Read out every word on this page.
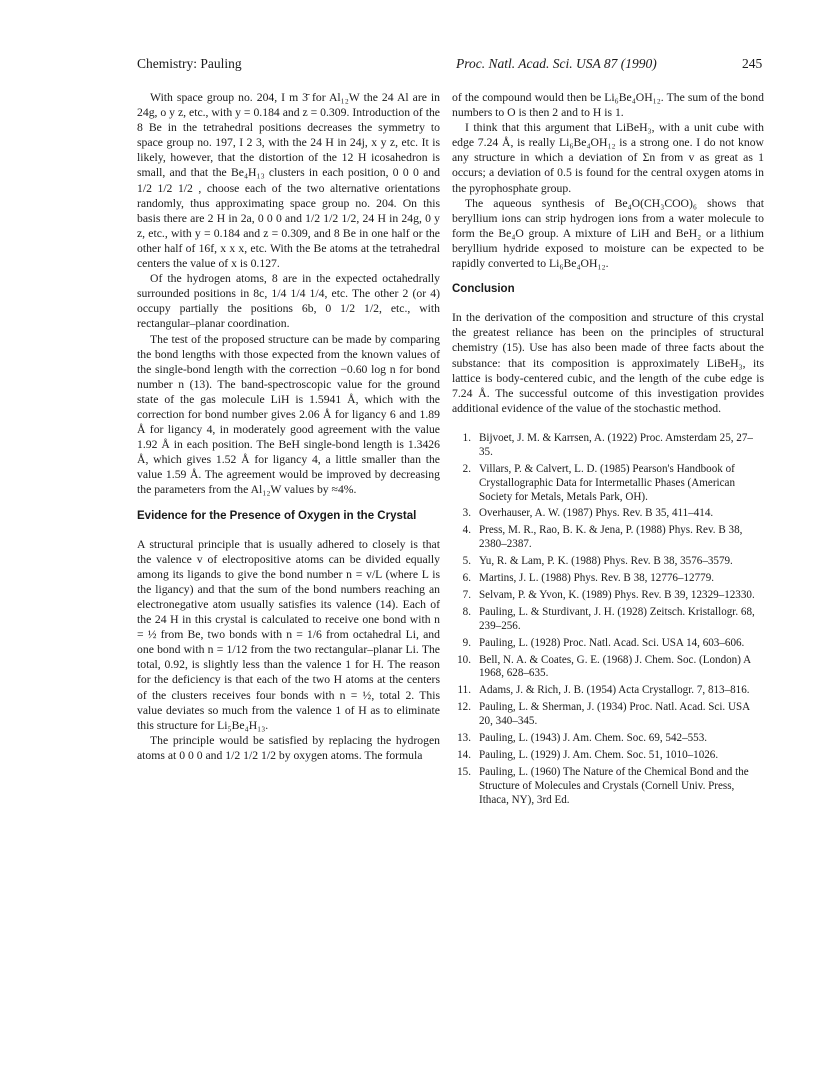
Chemistry: Pauling	Proc. Natl. Acad. Sci. USA 87 (1990)	245

With space group no. 204, I m 3̄ for Al₁₂W the 24 Al are in 24g, o y z, etc., with y = 0.184 and z = 0.309. Introduction of the 8 Be in the tetrahedral positions decreases the symmetry to space group no. 197, I 2 3, with the 24 H in 24j, x y z, etc. It is likely, however, that the distortion of the 12 H icosahedron is small, and that the Be₄H₁₃ clusters in each position, 0 0 0 and 1/2 1/2 1/2 , choose each of the two alternative orientations randomly, thus approximating space group no. 204. On this basis there are 2 H in 2a, 0 0 0 and 1/2 1/2 1/2, 24 H in 24g, 0 y z, etc., with y = 0.184 and z = 0.309, and 8 Be in one half or the other half of 16f, x x x, etc. With the Be atoms at the tetrahedral centers the value of x is 0.127.

Of the hydrogen atoms, 8 are in the expected octahedrally surrounded positions in 8c, 1/4 1/4 1/4, etc. The other 2 (or 4) occupy partially the positions 6b, 0 1/2 1/2, etc., with rectangular–planar coordination.

The test of the proposed structure can be made by comparing the bond lengths with those expected from the known values of the single-bond length with the correction −0.60 log n for bond number n (13). The band-spectroscopic value for the ground state of the gas molecule LiH is 1.5941 Å, which with the correction for bond number gives 2.06 Å for ligancy 6 and 1.89 Å for ligancy 4, in moderately good agreement with the value 1.92 Å in each position. The BeH single-bond length is 1.3426 Å, which gives 1.52 Å for ligancy 4, a little smaller than the value 1.59 Å. The agreement would be improved by decreasing the parameters from the Al₁₂W values by ≈4%.

Evidence for the Presence of Oxygen in the Crystal

A structural principle that is usually adhered to closely is that the valence v of electropositive atoms can be divided equally among its ligands to give the bond number n = v/L (where L is the ligancy) and that the sum of the bond numbers reaching an electronegative atom usually satisfies its valence (14). Each of the 24 H in this crystal is calculated to receive one bond with n = ½ from Be, two bonds with n = 1/6 from octahedral Li, and one bond with n = 1/12 from the two rectangular–planar Li. The total, 0.92, is slightly less than the valence 1 for H. The reason for the deficiency is that each of the two H atoms at the centers of the clusters receives four bonds with n = ½, total 2. This value deviates so much from the valence 1 of H as to eliminate this structure for Li₅Be₄H₁₃.

The principle would be satisfied by replacing the hydrogen atoms at 0 0 0 and 1/2 1/2 1/2 by oxygen atoms. The formula

of the compound would then be Li₆Be₄OH₁₂. The sum of the bond numbers to O is then 2 and to H is 1.

I think that this argument that LiBeH₃, with a unit cube with edge 7.24 Å, is really Li₆Be₄OH₁₂ is a strong one. I do not know any structure in which a deviation of Σn from v as great as 1 occurs; a deviation of 0.5 is found for the central oxygen atoms in the pyrophosphate group.

The aqueous synthesis of Be₄O(CH₃COO)₆ shows that beryllium ions can strip hydrogen ions from a water molecule to form the Be₄O group. A mixture of LiH and BeH₂ or a lithium beryllium hydride exposed to moisture can be expected to be rapidly converted to Li₆Be₄OH₁₂.

Conclusion

In the derivation of the composition and structure of this crystal the greatest reliance has been on the principles of structural chemistry (15). Use has also been made of three facts about the substance: that its composition is approximately LiBeH₃, its lattice is body-centered cubic, and the length of the cube edge is 7.24 Å. The successful outcome of this investigation provides additional evidence of the value of the stochastic method.

1. Bijvoet, J. M. & Karrsen, A. (1922) Proc. Amsterdam 25, 27–35.
2. Villars, P. & Calvert, L. D. (1985) Pearson's Handbook of Crystallographic Data for Intermetallic Phases (American Society for Metals, Metals Park, OH).
3. Overhauser, A. W. (1987) Phys. Rev. B 35, 411–414.
4. Press, M. R., Rao, B. K. & Jena, P. (1988) Phys. Rev. B 38, 2380–2387.
5. Yu, R. & Lam, P. K. (1988) Phys. Rev. B 38, 3576–3579.
6. Martins, J. L. (1988) Phys. Rev. B 38, 12776–12779.
7. Selvam, P. & Yvon, K. (1989) Phys. Rev. B 39, 12329–12330.
8. Pauling, L. & Sturdivant, J. H. (1928) Zeitsch. Kristallogr. 68, 239–256.
9. Pauling, L. (1928) Proc. Natl. Acad. Sci. USA 14, 603–606.
10. Bell, N. A. & Coates, G. E. (1968) J. Chem. Soc. (London) A 1968, 628–635.
11. Adams, J. & Rich, J. B. (1954) Acta Crystallogr. 7, 813–816.
12. Pauling, L. & Sherman, J. (1934) Proc. Natl. Acad. Sci. USA 20, 340–345.
13. Pauling, L. (1943) J. Am. Chem. Soc. 69, 542–553.
14. Pauling, L. (1929) J. Am. Chem. Soc. 51, 1010–1026.
15. Pauling, L. (1960) The Nature of the Chemical Bond and the Structure of Molecules and Crystals (Cornell Univ. Press, Ithaca, NY), 3rd Ed.
